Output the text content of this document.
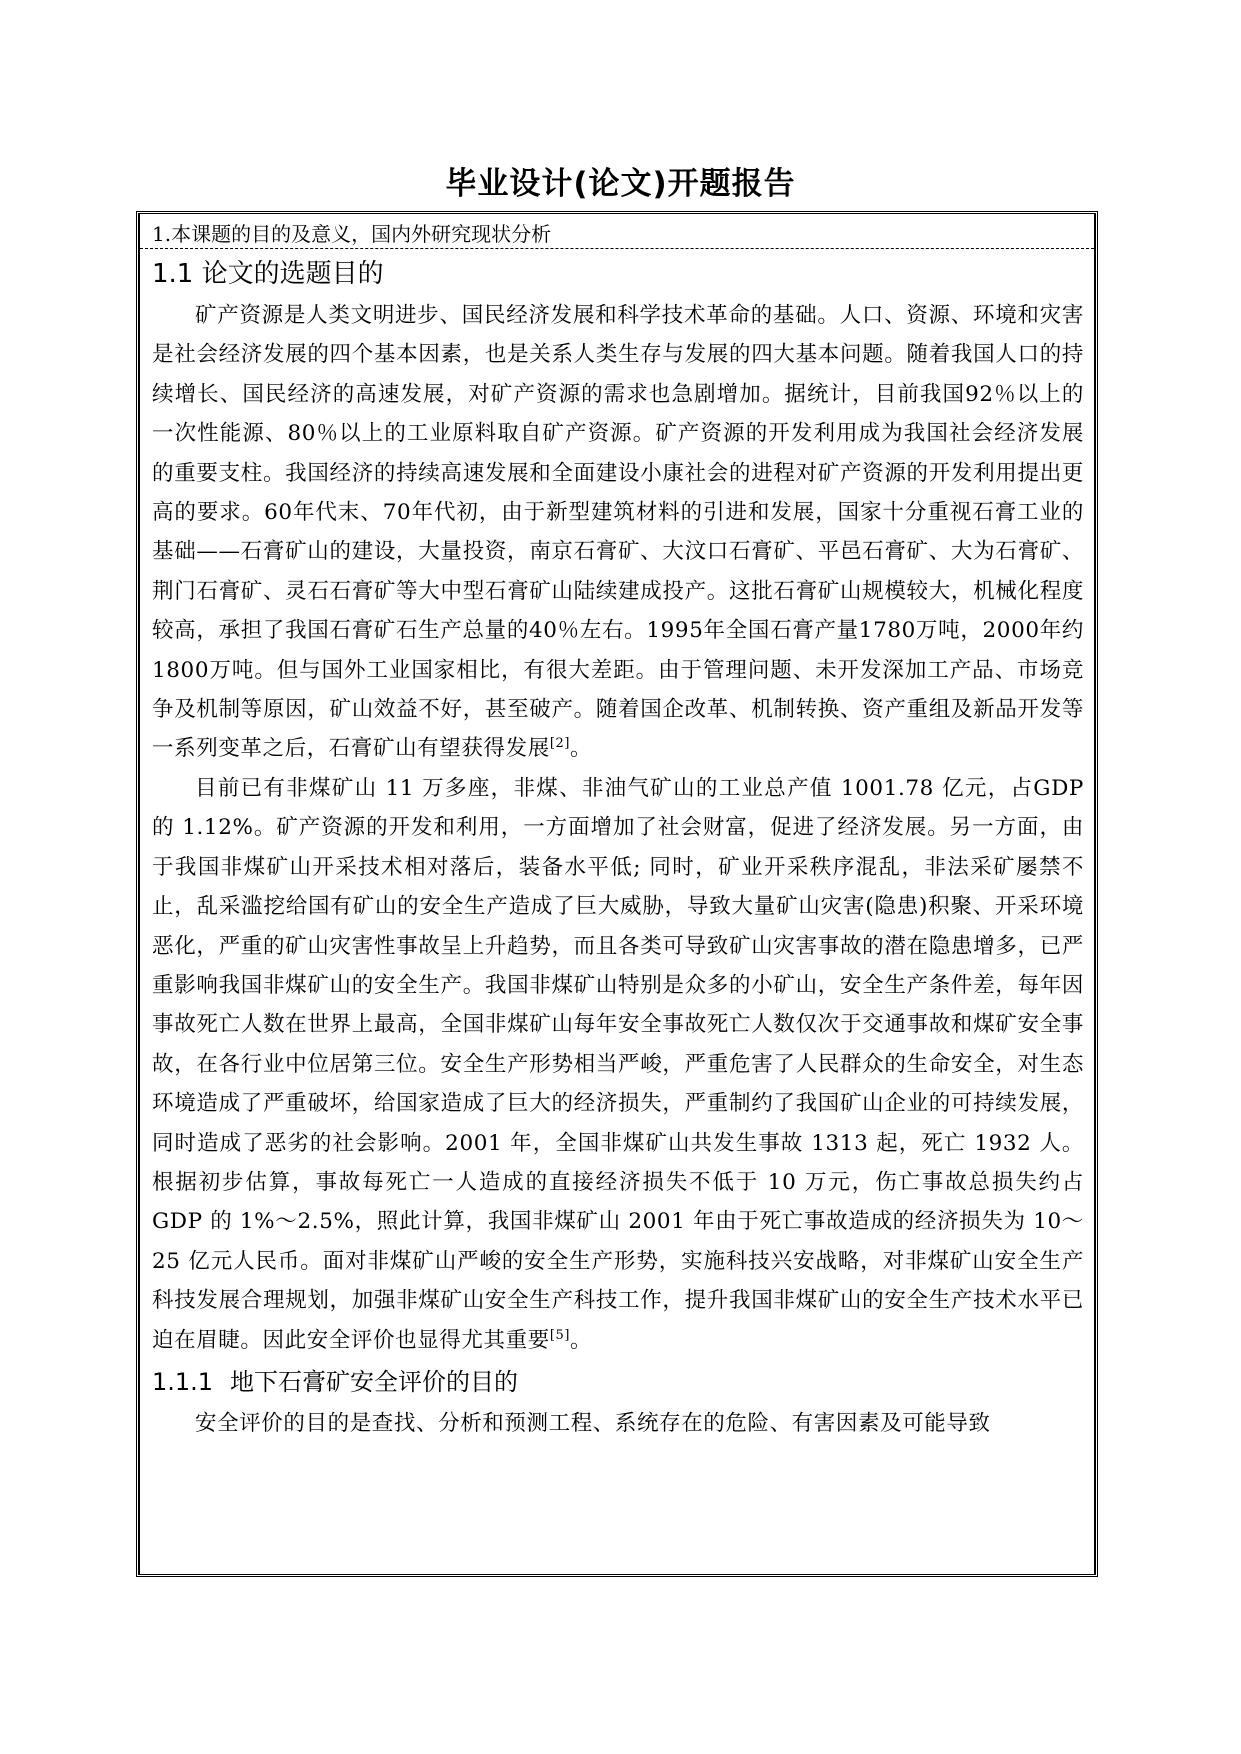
毕业设计(论文)开题报告
1.本课题的目的及意义，国内外研究现状分析

1.1 论文的选题目的

矿产资源是人类文明进步、国民经济发展和科学技术革命的基础。人口、资源、环境和灾害是社会经济发展的四个基本因素，也是关系人类生存与发展的四大基本问题。随着我国人口的持续增长、国民经济的高速发展，对矿产资源的需求也急剧增加。据统计，目前我国92％以上的一次性能源、80％以上的工业原料取自矿产资源。矿产资源的开发利用成为我国社会经济发展的重要支柱。我国经济的持续高速发展和全面建设小康社会的进程对矿产资源的开发利用提出更高的要求。60年代末、70年代初，由于新型建筑材料的引进和发展，国家十分重视石膏工业的基础——石膏矿山的建设，大量投资，南京石膏矿、大汶口石膏矿、平邑石膏矿、大为石膏矿、荆门石膏矿、灵石石膏矿等大中型石膏矿山陆续建成投产。这批石膏矿山规模较大，机械化程度较高，承担了我国石膏矿石生产总量的40％左右。1995年全国石膏产量1780万吨，2000年约1800万吨。但与国外工业国家相比，有很大差距。由于管理问题、未开发深加工产品、市场竞争及机制等原因，矿山效益不好，甚至破产。随着国企改革、机制转换、资产重组及新品开发等一系列变革之后，石膏矿山有望获得发展[2]。

目前已有非煤矿山 11 万多座，非煤、非油气矿山的工业总产值 1001.78 亿元，占GDP 的 1.12%。矿产资源的开发和利用，一方面增加了社会财富，促进了经济发展。另一方面，由于我国非煤矿山开采技术相对落后，装备水平低; 同时，矿业开采秩序混乱，非法采矿屡禁不止，乱采滥挖给国有矿山的安全生产造成了巨大威胁，导致大量矿山灾害(隐患)积聚、开采环境恶化，严重的矿山灾害性事故呈上升趋势，而且各类可导致矿山灾害事故的潜在隐患增多，已严重影响我国非煤矿山的安全生产。我国非煤矿山特别是众多的小矿山，安全生产条件差，每年因事故死亡人数在世界上最高，全国非煤矿山每年安全事故死亡人数仅次于交通事故和煤矿安全事故，在各行业中位居第三位。安全生产形势相当严峻，严重危害了人民群众的生命安全，对生态环境造成了严重破坏，给国家造成了巨大的经济损失，严重制约了我国矿山企业的可持续发展，同时造成了恶劣的社会影响。2001 年，全国非煤矿山共发生事故 1313 起，死亡 1932 人。根据初步估算，事故每死亡一人造成的直接经济损失不低于 10 万元，伤亡事故总损失约占 GDP 的 1%～2.5%，照此计算，我国非煤矿山 2001 年由于死亡事故造成的经济损失为 10～25 亿元人民币。面对非煤矿山严峻的安全生产形势，实施科技兴安战略，对非煤矿山安全生产科技发展合理规划，加强非煤矿山安全生产科技工作，提升我国非煤矿山的安全生产技术水平已迫在眉睫。因此安全评价也显得尤其重要[5]。

1.1.1 地下石膏矿安全评价的目的

安全评价的目的是查找、分析和预测工程、系统存在的危险、有害因素及可能导致
